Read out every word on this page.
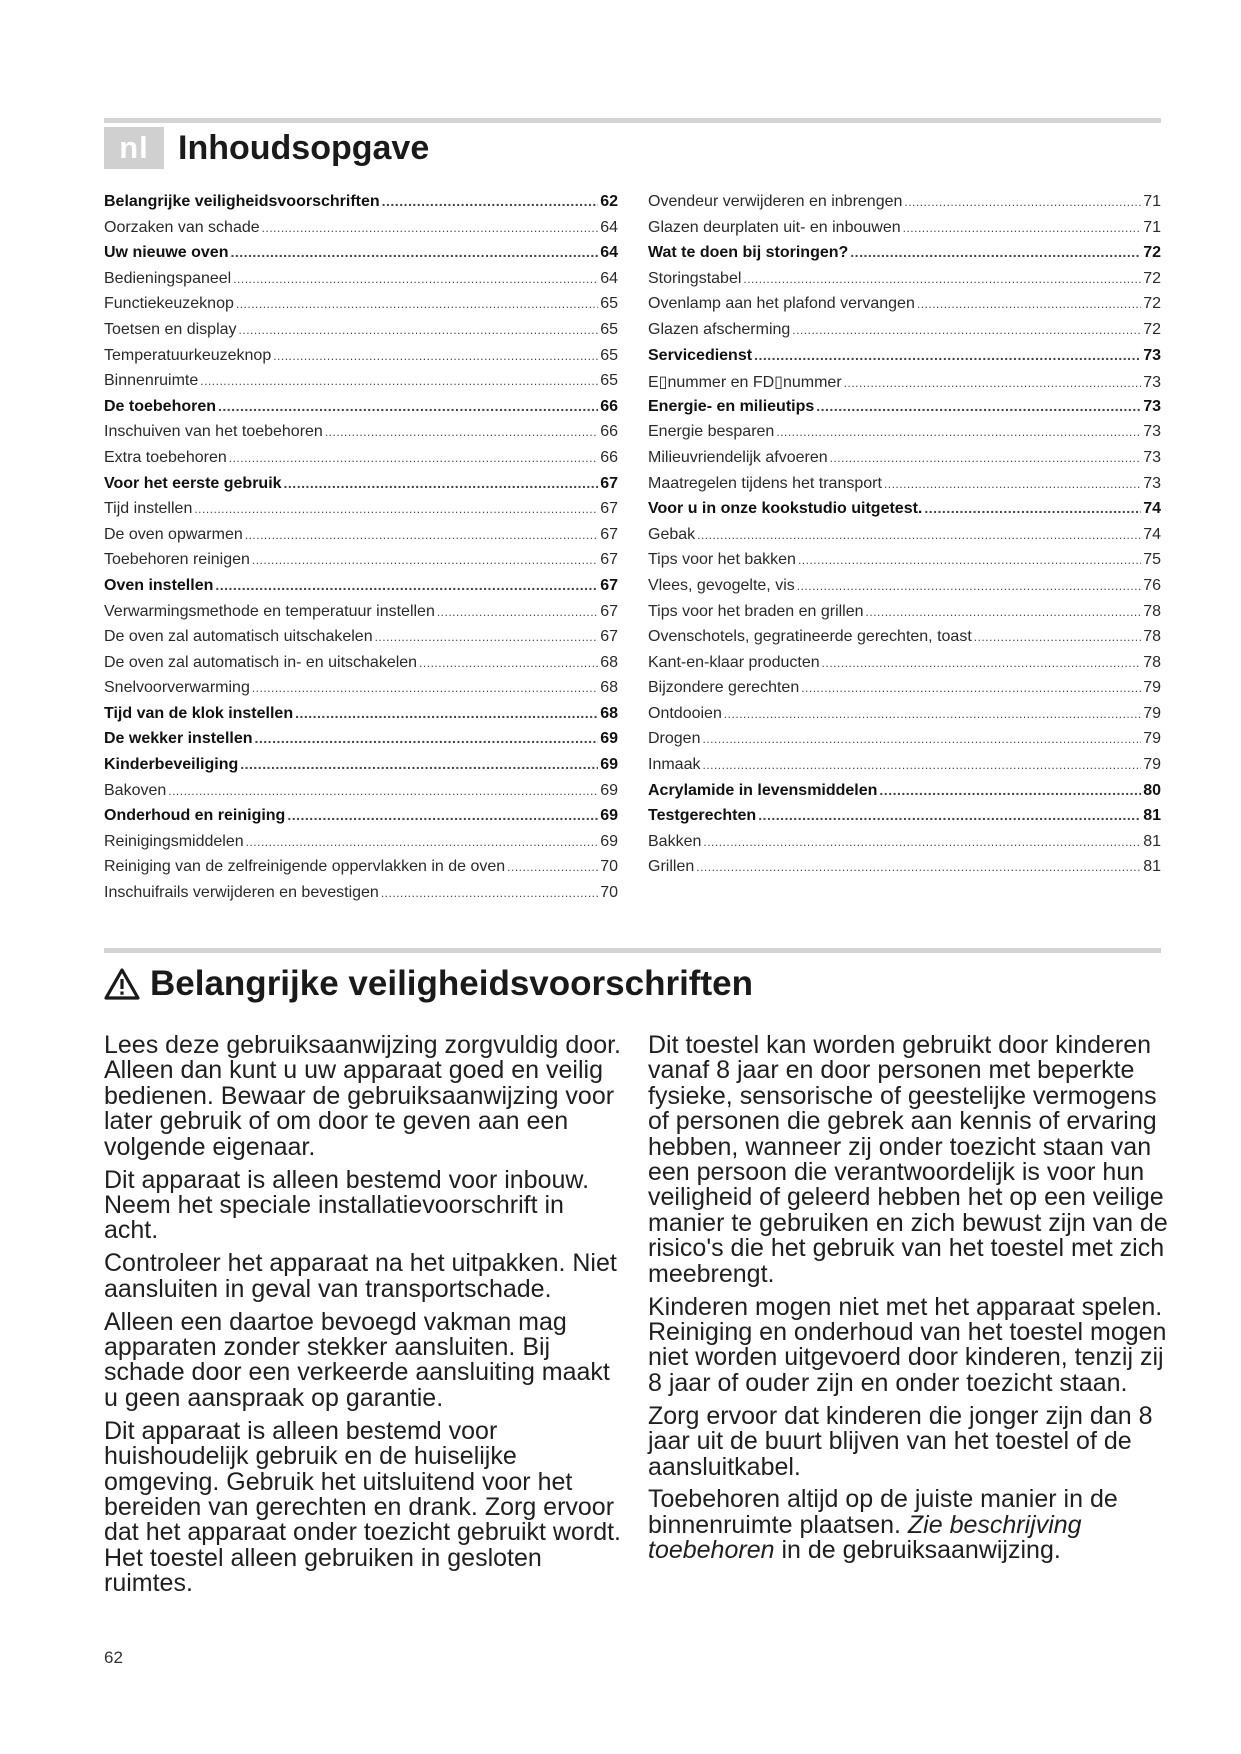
nl Inhoudsopgave
Belangrijke veiligheidsvoorschriften .....	62
Oorzaken van schade .....	64
Uw nieuwe oven .....	64
Bedieningspaneel .....	64
Functiekeuzeknop .....	65
Toetsen en display .....	65
Temperatuurkeuzeknop .....	65
Binnenruimte .....	65
De toebehoren .....	66
Inschuiven van het toebehoren .....	66
Extra toebehoren .....	66
Voor het eerste gebruik .....	67
Tijd instellen .....	67
De oven opwarmen .....	67
Toebehoren reinigen .....	67
Oven instellen .....	67
Verwarmingsmethode en temperatuur instellen .....	67
De oven zal automatisch uitschakelen .....	67
De oven zal automatisch in- en uitschakelen .....	68
Snelvoorverwarming .....	68
Tijd van de klok instellen .....	68
De wekker instellen .....	69
Kinderbeveiliging .....	69
Bakoven .....	69
Onderhoud en reiniging .....	69
Reinigingsmiddelen .....	69
Reiniging van de zelfreinigende oppervlakken in de oven .....	70
Inschuifrails verwijderen en bevestigen .....	70
Ovendeur verwijderen en inbrengen .....	71
Glazen deurplaten uit- en inbouwen .....	71
Wat te doen bij storingen? .....	72
Storingstabel .....	72
Ovenlamp aan het plafond vervangen .....	72
Glazen afscherming .....	72
Servicedienst .....	73
E▯nummer en FD▯nummer .....	73
Energie- en milieutips .....	73
Energie besparen .....	73
Milieuvriendelijk afvoeren .....	73
Maatregelen tijdens het transport .....	73
Voor u in onze kookstudio uitgetest. .....	74
Gebak .....	74
Tips voor het bakken .....	75
Vlees, gevogelte, vis .....	76
Tips voor het braden en grillen .....	78
Ovenschotels, gegratineerde gerechten, toast .....	78
Kant-en-klaar producten .....	78
Bijzondere gerechten .....	79
Ontdooien .....	79
Drogen .....	79
Inmaak .....	79
Acrylamide in levensmiddelen .....	80
Testgerechten .....	81
Bakken .....	81
Grillen .....	81
Belangrijke veiligheidsvoorschriften

Lees deze gebruiksaanwijzing zorgvuldig door. Alleen dan kunt u uw apparaat goed en veilig bedienen. Bewaar de gebruiksaanwijzing voor later gebruik of om door te geven aan een volgende eigenaar.

Dit apparaat is alleen bestemd voor inbouw. Neem het speciale installatievoorschrift in acht.

Controleer het apparaat na het uitpakken. Niet aansluiten in geval van transportschade.

Alleen een daartoe bevoegd vakman mag apparaten zonder stekker aansluiten. Bij schade door een verkeerde aansluiting maakt u geen aanspraak op garantie.

Dit apparaat is alleen bestemd voor huishoudelijk gebruik en de huiselijke omgeving. Gebruik het uitsluitend voor het bereiden van gerechten en drank. Zorg ervoor dat het apparaat onder toezicht gebruikt wordt. Het toestel alleen gebruiken in gesloten ruimtes.

Dit toestel kan worden gebruikt door kinderen vanaf 8 jaar en door personen met beperkte fysieke, sensorische of geestelijke vermogens of personen die gebrek aan kennis of ervaring hebben, wanneer zij onder toezicht staan van een persoon die verantwoordelijk is voor hun veiligheid of geleerd hebben het op een veilige manier te gebruiken en zich bewust zijn van de risico's die het gebruik van het toestel met zich meebrengt.

Kinderen mogen niet met het apparaat spelen. Reiniging en onderhoud van het toestel mogen niet worden uitgevoerd door kinderen, tenzij zij 8 jaar of ouder zijn en onder toezicht staan.

Zorg ervoor dat kinderen die jonger zijn dan 8 jaar uit de buurt blijven van het toestel of de aansluitkabel.

Toebehoren altijd op de juiste manier in de binnenruimte plaatsen. Zie beschrijving toebehoren in de gebruiksaanwijzing.

62
